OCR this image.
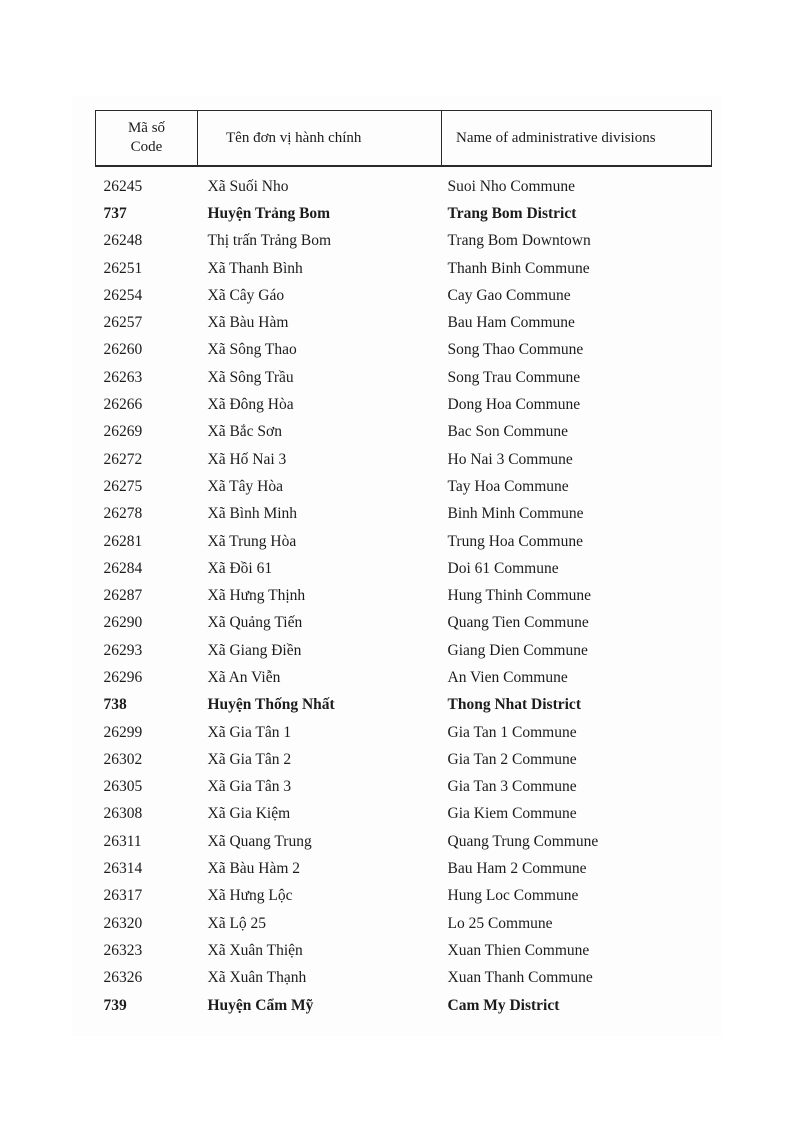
Mã số
Code	Tên đơn vị hành chính	Name of administrative divisions
26245	Xã Suối Nho	Suoi Nho Commune
737	Huyện Trảng Bom	Trang Bom District
26248	Thị trấn Trảng Bom	Trang Bom Downtown
26251	Xã Thanh Bình	Thanh Binh Commune
26254	Xã Cây Gáo	Cay Gao Commune
26257	Xã Bàu Hàm	Bau Ham Commune
26260	Xã Sông Thao	Song Thao Commune
26263	Xã Sông Trầu	Song Trau Commune
26266	Xã Đông Hòa	Dong Hoa Commune
26269	Xã Bắc Sơn	Bac Son Commune
26272	Xã Hố Nai 3	Ho Nai 3 Commune
26275	Xã Tây Hòa	Tay Hoa Commune
26278	Xã Bình Minh	Binh Minh Commune
26281	Xã Trung Hòa	Trung Hoa Commune
26284	Xã Đồi 61	Doi 61 Commune
26287	Xã Hưng Thịnh	Hung Thinh Commune
26290	Xã Quảng Tiến	Quang Tien Commune
26293	Xã Giang Điền	Giang Dien Commune
26296	Xã An Viễn	An Vien Commune
738	Huyện Thống Nhất	Thong Nhat District
26299	Xã Gia Tân 1	Gia Tan 1 Commune
26302	Xã Gia Tân 2	Gia Tan 2 Commune
26305	Xã Gia Tân 3	Gia Tan 3 Commune
26308	Xã Gia Kiệm	Gia Kiem Commune
26311	Xã Quang Trung	Quang Trung Commune
26314	Xã Bàu Hàm 2	Bau Ham 2 Commune
26317	Xã Hưng Lộc	Hung Loc Commune
26320	Xã Lộ 25	Lo 25 Commune
26323	Xã Xuân Thiện	Xuan Thien Commune
26326	Xã Xuân Thạnh	Xuan Thanh Commune
739	Huyện Cẩm Mỹ	Cam My District
